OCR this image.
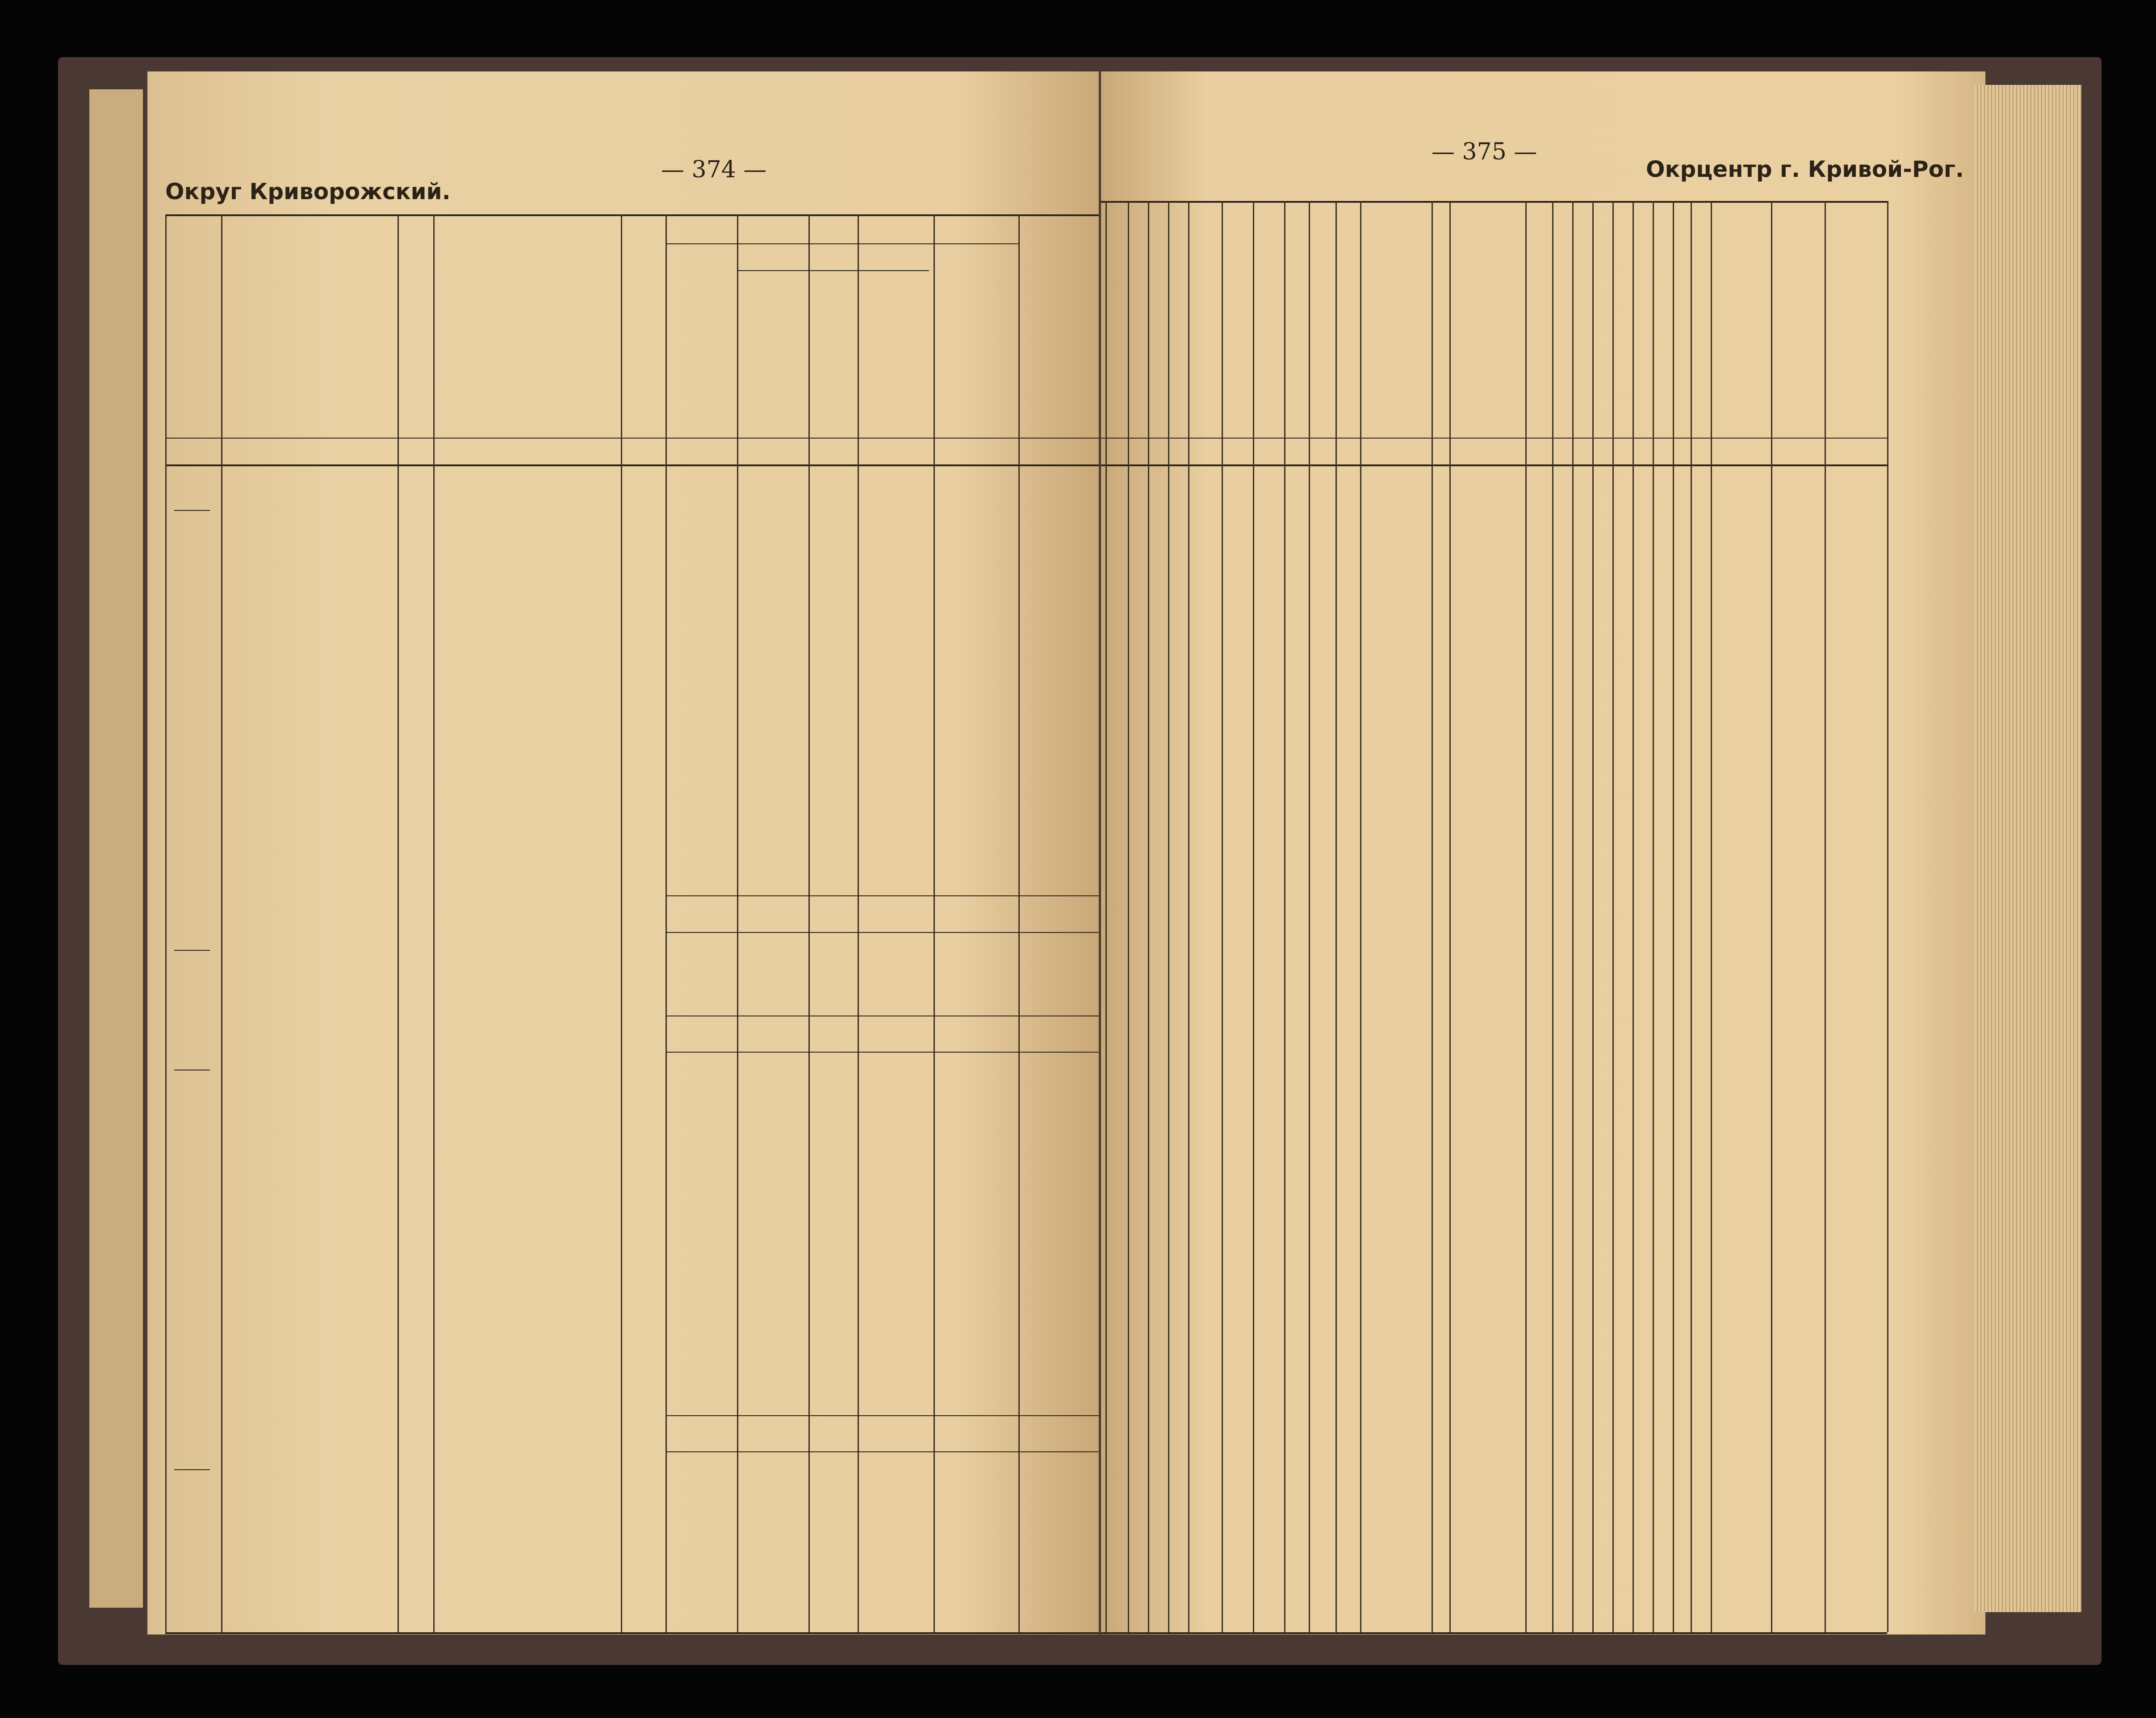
Округ Криворожский.
— 374 —
— 375 —
Окрцентр г. Кривой-Рог.
